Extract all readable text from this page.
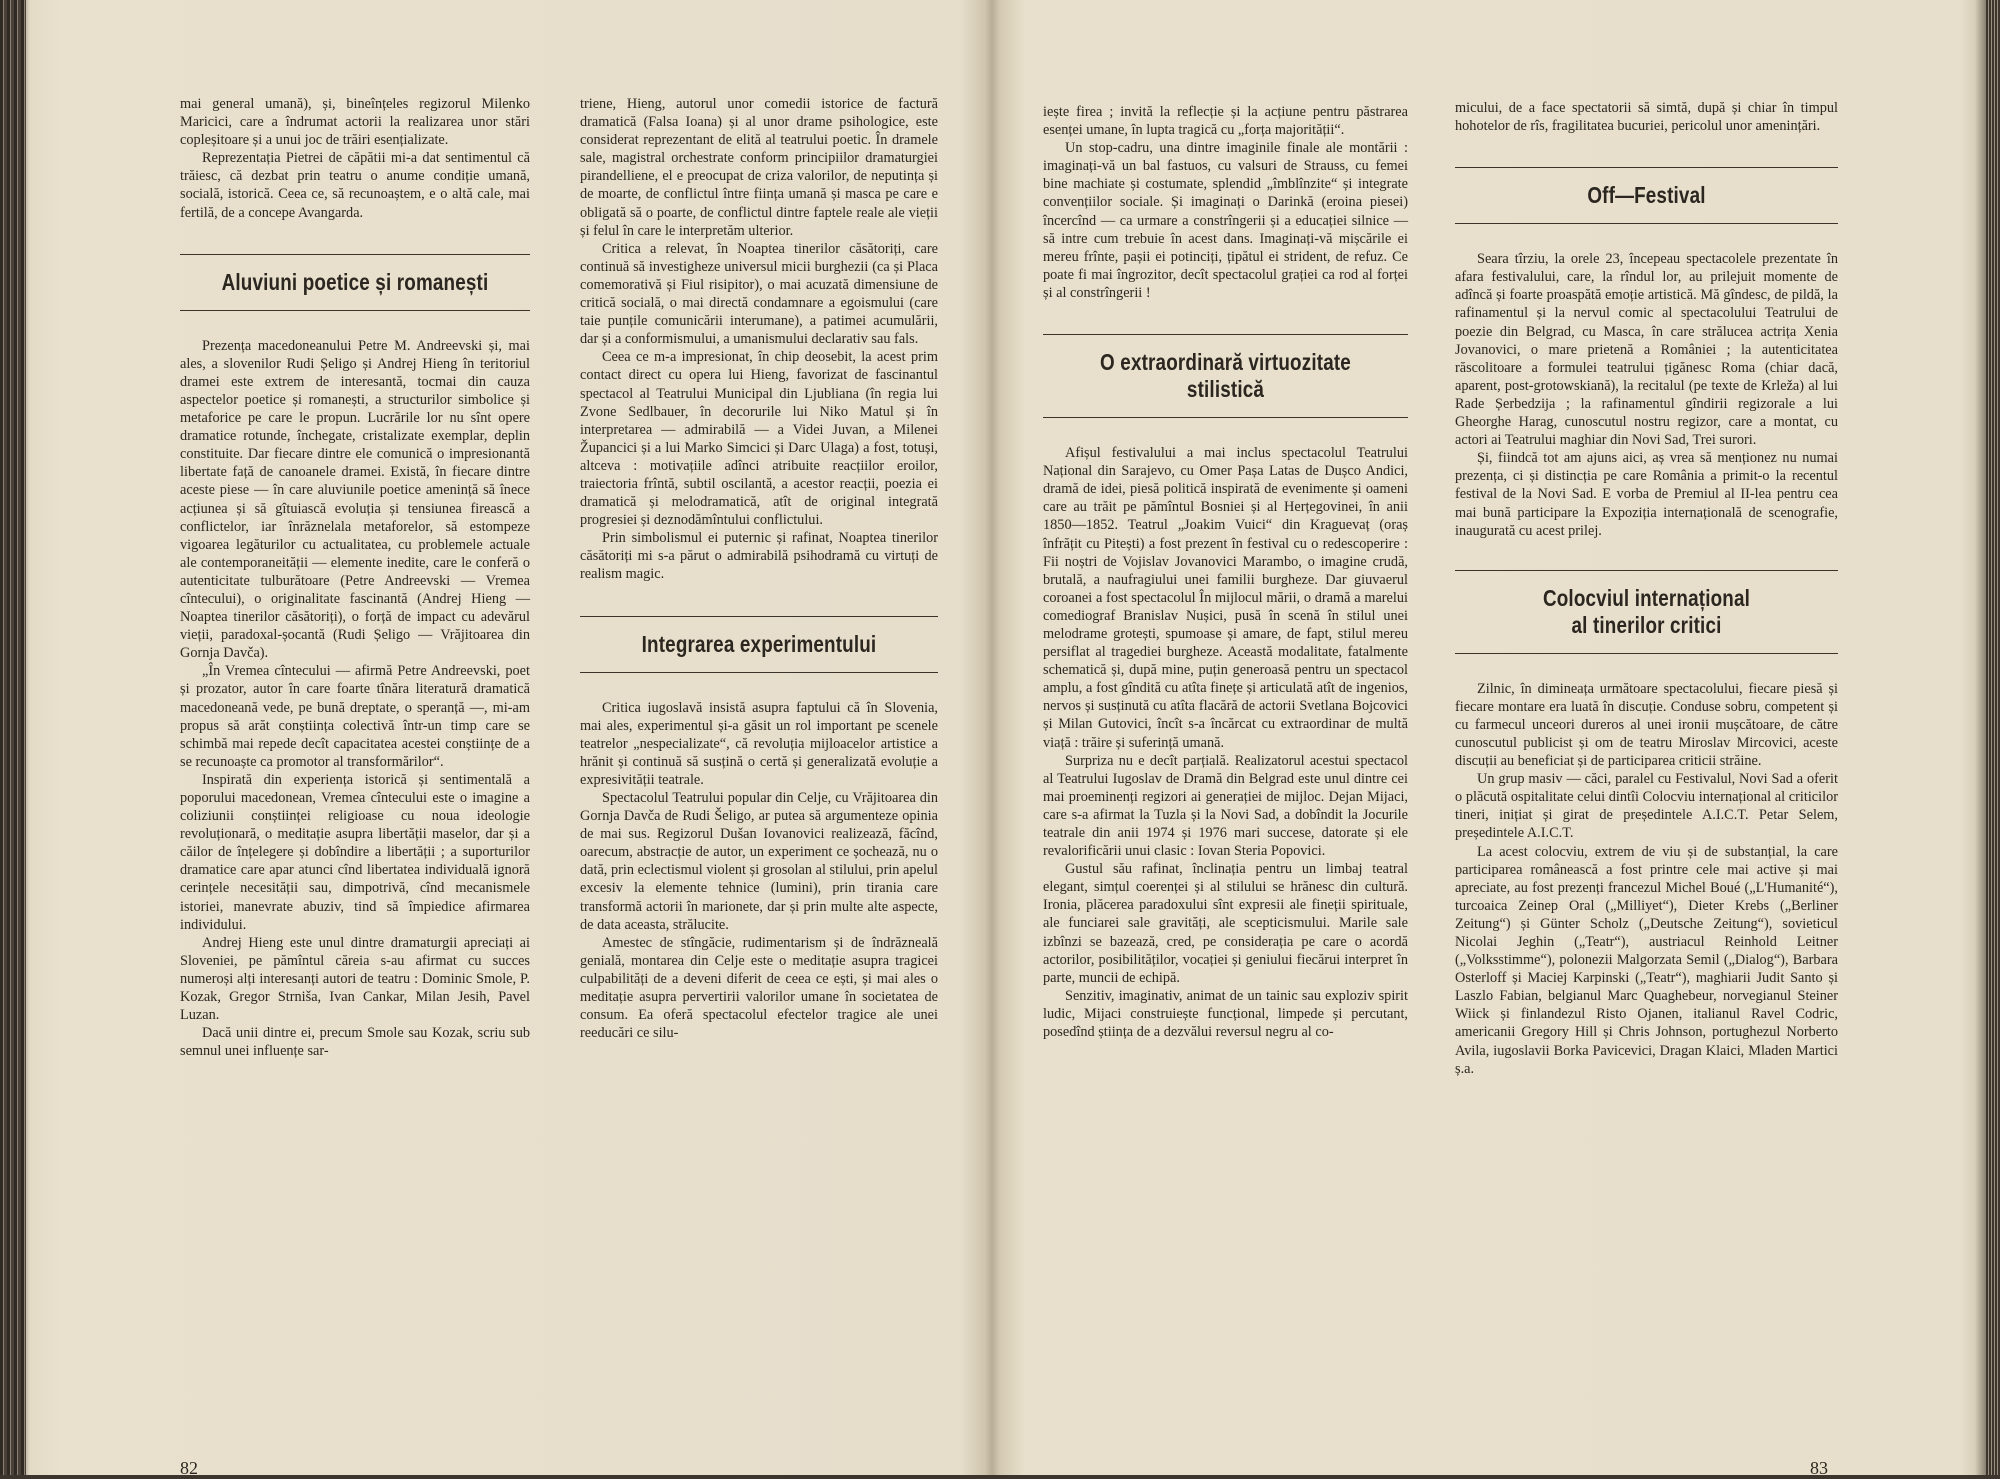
mai general umană), și, bineînțeles regizorul Milenko Maricici, care a îndrumat actorii la realizarea unor stări copleșitoare și a unui joc de trăiri esențializate.

Reprezentația Pietrei de căpătii mi-a dat sentimentul că trăiesc, că dezbat prin teatru o anume condiție umană, socială, istorică. Ceea ce, să recunoaștem, e o altă cale, mai fertilă, de a concepe Avangarda.

Aluviuni poetice și romanești

Prezența macedoneanului Petre M. Andreevski și, mai ales, a slovenilor Rudi Șeligo și Andrej Hieng în teritoriul dramei este extrem de interesantă, tocmai din cauza aspectelor poetice și romanești, a structurilor simbolice și metaforice pe care le propun. Lucrările lor nu sînt opere dramatice rotunde, închegate, cristalizate exemplar, deplin constituite. Dar fiecare dintre ele comunică o impresionantă libertate față de canoanele dramei. Există, în fiecare dintre aceste piese — în care aluviunile poetice amenință să înece acțiunea și să gîtuiască evoluția și tensiunea firească a conflictelor, iar înrăznelala metaforelor, să estompeze vigoarea legăturilor cu actualitatea, cu problemele actuale ale contemporaneității — elemente inedite, care le conferă o autenticitate tulburătoare (Petre Andreevski — Vremea cîntecului), o originalitate fascinantă (Andrej Hieng — Noaptea tinerilor căsătoriți), o forță de impact cu adevărul vieții, paradoxal-șocantă (Rudi Șeligo — Vrăjitoarea din Gornja Davča).

„În Vremea cîntecului — afirmă Petre Andreevski, poet și prozator, autor în care foarte tînăra literatură dramatică macedoneană vede, pe bună dreptate, o speranță —, mi-am propus să arăt conștiința colectivă într-un timp care se schimbă mai repede decît capacitatea acestei conștiințe de a se recunoaște ca promotor al transformărilor“.

Inspirată din experiența istorică și sentimentală a poporului macedonean, Vremea cîntecului este o imagine a coliziunii conștiinței religioase cu noua ideologie revoluționară, o meditație asupra libertății maselor, dar și a căilor de înțelegere și dobîndire a libertății ; a suporturilor dramatice care apar atunci cînd libertatea individuală ignoră cerințele necesității sau, dimpotrivă, cînd mecanismele istoriei, manevrate abuziv, tind să împiedice afirmarea individului.

Andrej Hieng este unul dintre dramaturgii apreciați ai Sloveniei, pe pămîntul căreia s-au afirmat cu succes numeroși alți interesanți autori de teatru : Dominic Smole, P. Kozak, Gregor Strniša, Ivan Cankar, Milan Jesih, Pavel Luzan.

Dacă unii dintre ei, precum Smole sau Kozak, scriu sub semnul unei influențe sar-

triene, Hieng, autorul unor comedii istorice de factură dramatică (Falsa Ioana) și al unor drame psihologice, este considerat reprezentant de elită al teatrului poetic. În dramele sale, magistral orchestrate conform principiilor dramaturgiei pirandelliene, el e preocupat de criza valorilor, de neputința și de moarte, de conflictul între ființa umană și masca pe care e obligată să o poarte, de conflictul dintre faptele reale ale vieții și felul în care le interpretăm ulterior.

Critica a relevat, în Noaptea tinerilor căsătoriți, care continuă să investigheze universul micii burghezii (ca și Placa comemorativă și Fiul risipitor), o mai acuzată dimensiune de critică socială, o mai directă condamnare a egoismului (care taie punțile comunicării interumane), a patimei acumulării, dar și a conformismului, a umanismului declarativ sau fals.

Ceea ce m-a impresionat, în chip deosebit, la acest prim contact direct cu opera lui Hieng, favorizat de fascinantul spectacol al Teatrului Municipal din Ljubliana (în regia lui Zvone Sedlbauer, în decorurile lui Niko Matul și în interpretarea — admirabilă — a Videi Juvan, a Milenei Župancici și a lui Marko Simcici și Darc Ulaga) a fost, totuși, altceva : motivațiile adînci atribuite reacțiilor eroilor, traiectoria frîntă, subtil oscilantă, a acestor reacții, poezia ei dramatică și melodramatică, atît de original integrată progresiei și deznodămîntului conflictului.

Prin simbolismul ei puternic și rafinat, Noaptea tinerilor căsătoriți mi s-a părut o admirabilă psihodramă cu virtuți de realism magic.

Integrarea experimentului

Critica iugoslavă insistă asupra faptului că în Slovenia, mai ales, experimentul și-a găsit un rol important pe scenele teatrelor „nespecializate“, că revoluția mijloacelor artistice a hrănit și continuă să susțină o certă și generalizată evoluție a expresivității teatrale.

Spectacolul Teatrului popular din Celje, cu Vrăjitoarea din Gornja Davča de Rudi Šeligo, ar putea să argumenteze opinia de mai sus. Regizorul Dušan Iovanovici realizează, făcînd, oarecum, abstracție de autor, un experiment ce șochează, nu o dată, prin eclectismul violent și grosolan al stilului, prin apelul excesiv la elemente tehnice (lumini), prin tirania care transformă actorii în marionete, dar și prin multe alte aspecte, de data aceasta, strălucite.

Amestec de stîngăcie, rudimentarism și de îndrăzneală genială, montarea din Celje este o meditație asupra tragicei culpabilități de a deveni diferit de ceea ce ești, și mai ales o meditație asupra pervertirii valorilor umane în societatea de consum. Ea oferă spectacolul efectelor tragice ale unei reeducări ce silu-

82

iește firea ; invită la reflecție și la acțiune pentru păstrarea esenței umane, în lupta tragică cu „forța majorității“.

Un stop-cadru, una dintre imaginile finale ale montării : imaginați-vă un bal fastuos, cu valsuri de Strauss, cu femei bine machiate și costumate, splendid „îmblînzite“ și integrate convențiilor sociale. Și imaginați o Darinkă (eroina piesei) încercînd — ca urmare a constrîngerii și a educației silnice — să intre cum trebuie în acest dans. Imaginați-vă mișcările ei mereu frînte, pașii ei potinciți, țipătul ei strident, de refuz. Ce poate fi mai îngrozitor, decît spectacolul grației ca rod al forței și al constrîngerii !

O extraordinară virtuozitate stilistică

Afișul festivalului a mai inclus spectacolul Teatrului Național din Sarajevo, cu Omer Pașa Latas de Dușco Andici, dramă de idei, piesă politică inspirată de evenimente și oameni care au trăit pe pămîntul Bosniei și al Herțegovinei, în anii 1850—1852. Teatrul „Joakim Vuici“ din Kraguevaț (oraș înfrățit cu Pitești) a fost prezent în festival cu o redescoperire : Fii noștri de Vojislav Jovanovici Marambo, o imagine crudă, brutală, a naufragiului unei familii burgheze. Dar giuvaerul coroanei a fost spectacolul În mijlocul mării, o dramă a marelui comediograf Branislav Nușici, pusă în scenă în stilul unei melodrame grotești, spumoase și amare, de fapt, stilul mereu persiflat al tragediei burgheze. Această modalitate, fatalmente schematică și, după mine, puțin generoasă pentru un spectacol amplu, a fost gîndită cu atîta finețe și articulată atît de ingenios, nervos și susținută cu atîta flacără de actorii Svetlana Bojcovici și Milan Gutovici, încît s-a încărcat cu extraordinar de multă viață : trăire și suferință umană.

Surpriza nu e decît parțială. Realizatorul acestui spectacol al Teatrului Iugoslav de Dramă din Belgrad este unul dintre cei mai proeminenți regizori ai generației de mijloc. Dejan Mijaci, care s-a afirmat la Tuzla și la Novi Sad, a dobîndit la Jocurile teatrale din anii 1974 și 1976 mari succese, datorate și ele revalorificării unui clasic : Iovan Steria Popovici.

Gustul său rafinat, înclinația pentru un limbaj teatral elegant, simțul coerenței și al stilului se hrănesc din cultură. Ironia, plăcerea paradoxului sînt expresii ale fineții spirituale, ale funciarei sale gravități, ale scepticismului. Marile sale izbînzi se bazează, cred, pe considerația pe care o acordă actorilor, posibilităților, vocației și geniului fiecărui interpret în parte, muncii de echipă.

Senzitiv, imaginativ, animat de un tainic sau exploziv spirit ludic, Mijaci construiește funcțional, limpede și percutant, posedînd știința de a dezvălui reversul negru al co-

micului, de a face spectatorii să simtă, după și chiar în timpul hohotelor de rîs, fragilitatea bucuriei, pericolul unor amenințări.

Off—Festival

Seara tîrziu, la orele 23, începeau spectacolele prezentate în afara festivalului, care, la rîndul lor, au prilejuit momente de adîncă și foarte proaspătă emoție artistică. Mă gîndesc, de pildă, la rafinamentul și la nervul comic al spectacolului Teatrului de poezie din Belgrad, cu Masca, în care strălucea actrița Xenia Jovanovici, o mare prietenă a României ; la autenticitatea răscolitoare a formulei teatrului țigănesc Roma (chiar dacă, aparent, post-grotowskiană), la recitalul (pe texte de Krleža) al lui Rade Șerbedzija ; la rafinamentul gîndirii regizorale a lui Gheorghe Harag, cunoscutul nostru regizor, care a montat, cu actori ai Teatrului maghiar din Novi Sad, Trei surori.

Și, fiindcă tot am ajuns aici, aș vrea să menționez nu numai prezența, ci și distincția pe care România a primit-o la recentul festival de la Novi Sad. E vorba de Premiul al II-lea pentru cea mai bună participare la Expoziția internațională de scenografie, inaugurată cu acest prilej.

Colocviul internațional
al tinerilor critici

Zilnic, în dimineața următoare spectacolului, fiecare piesă și fiecare montare era luată în discuție. Conduse sobru, competent și cu farmecul unceori dureros al unei ironii mușcătoare, de către cunoscutul publicist și om de teatru Miroslav Mircovici, aceste discuții au beneficiat și de participarea criticii străine.

Un grup masiv — căci, paralel cu Festivalul, Novi Sad a oferit o plăcută ospitalitate celui dintîi Colocviu internațional al criticilor tineri, inițiat și girat de președintele A.I.C.T. Petar Selem, președintele A.I.C.T.

La acest colocviu, extrem de viu și de substanțial, la care participarea românească a fost printre cele mai active și mai apreciate, au fost prezenți francezul Michel Boué („L'Humanité“), turcoaica Zeinep Oral („Milliyet“), Dieter Krebs („Berliner Zeitung“) și Günter Scholz („Deutsche Zeitung“), sovieticul Nicolai Jeghin („Teatr“), austriacul Reinhold Leitner („Volksstimme“), polonezii Malgorzata Semil („Dialog“), Barbara Osterloff și Maciej Karpinski („Teatr“), maghiarii Judit Santo și Laszlo Fabian, belgianul Marc Quaghebeur, norvegianul Steiner Wiick și finlandezul Risto Ojanen, italianul Ravel Codric, americanii Gregory Hill și Chris Johnson, portughezul Norberto Avila, iugoslavii Borka Pavicevici, Dragan Klaici, Mladen Martici ș.a.

83
